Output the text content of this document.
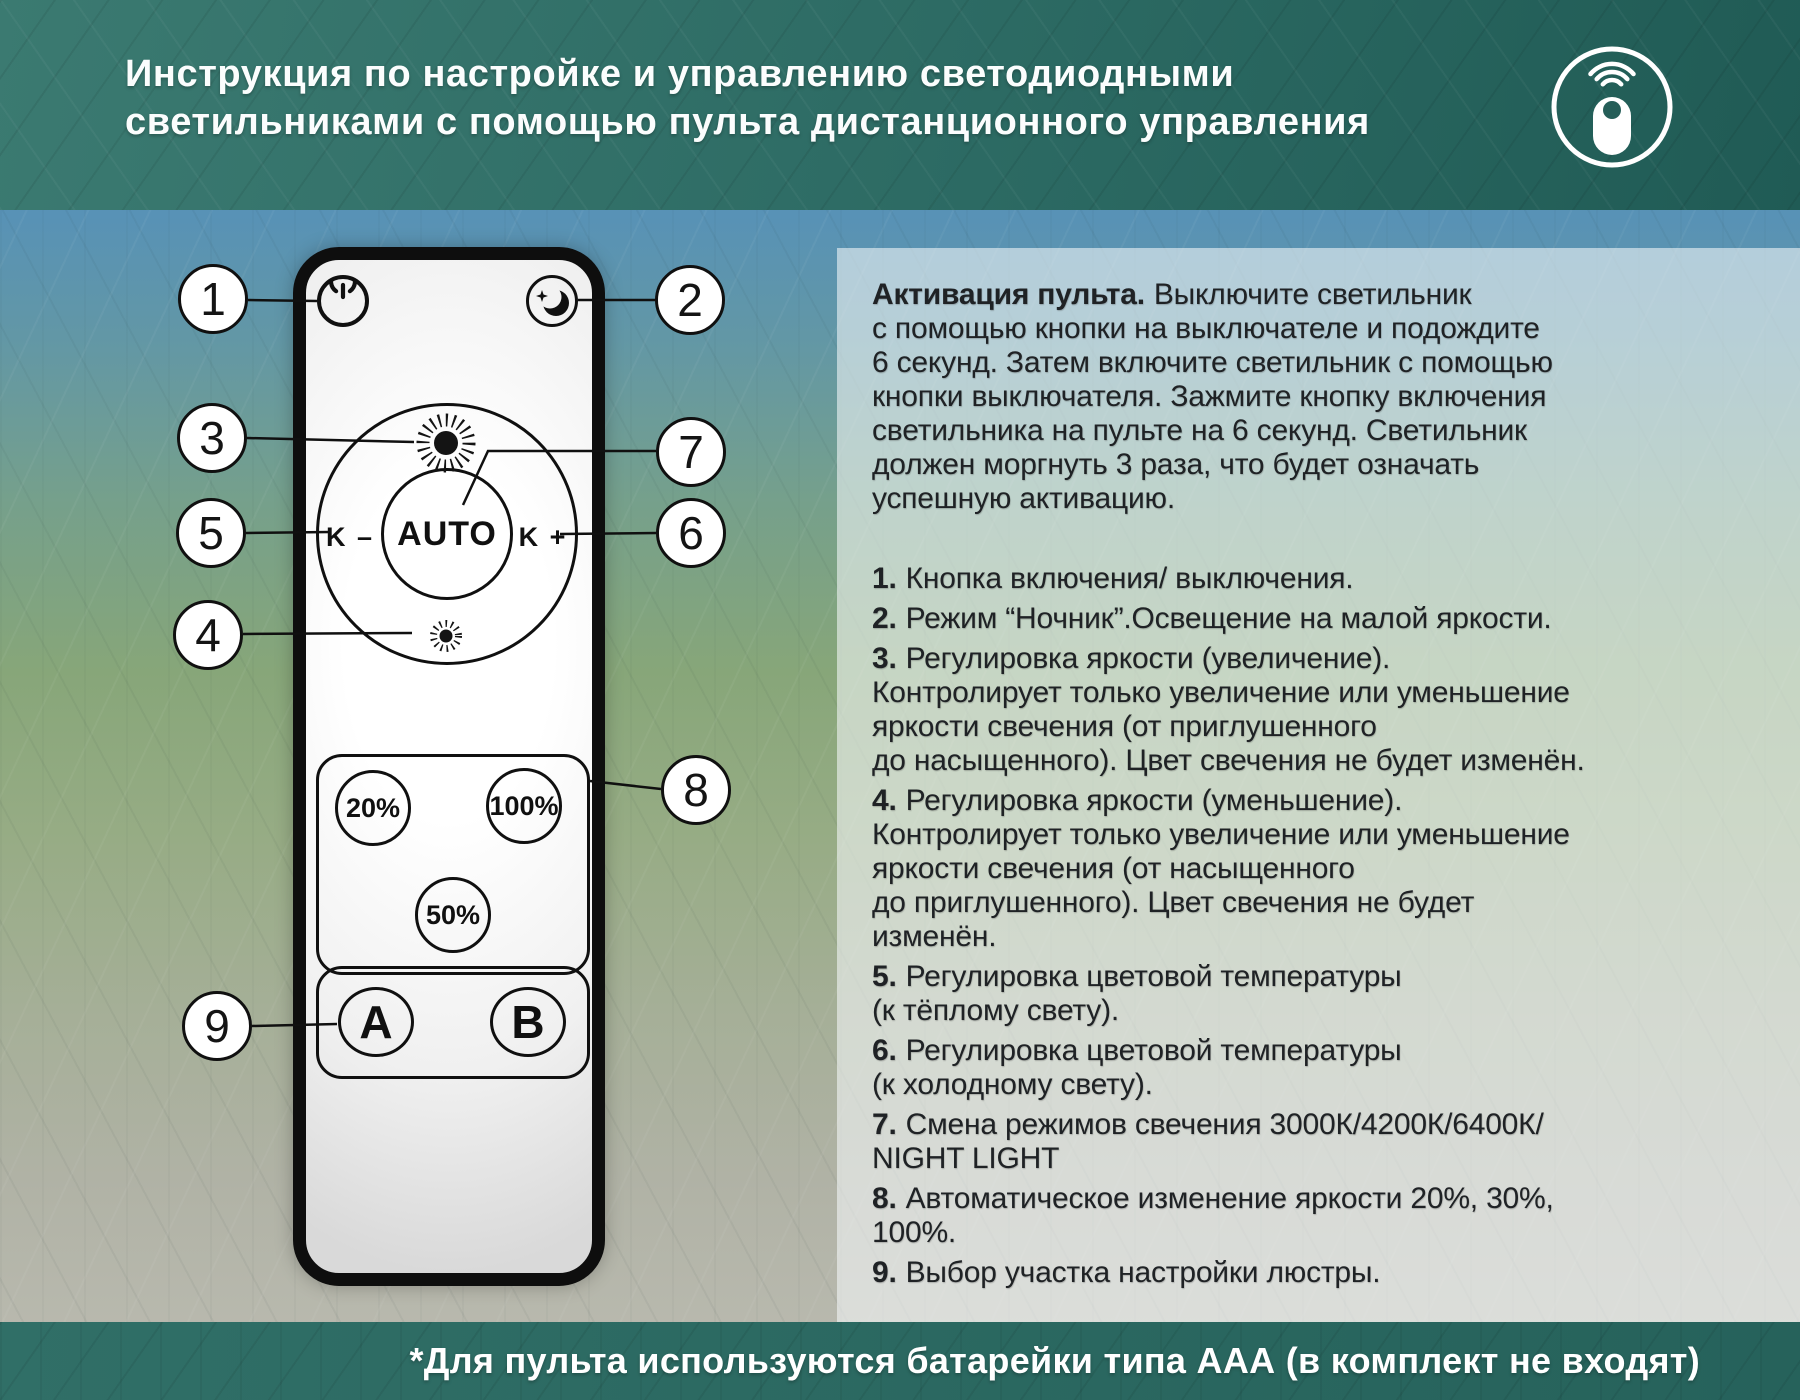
Инструкция по настройке и управлению светодиодными
светильниками с помощью пульта дистанционного управления
Активация пульта. Выключите светильник
с помощью кнопки на выключателе и подождите
6 секунд. Затем включите светильник с помощью
кнопки выключателя. Зажмите кнопку включения
светильника на пульте на 6 секунд. Светильник
должен моргнуть 3 раза, что будет означать
успешную активацию.
1. Кнопка включения/ выключения.
2. Режим “Ночник”.Освещение на малой яркости.
3. Регулировка яркости (увеличение).
Контролирует только увеличение или уменьшение
яркости свечения (от приглушенного
до насыщенного). Цвет свечения не будет изменён.
4. Регулировка яркости (уменьшение).
Контролирует только увеличение или уменьшение
яркости свечения (от насыщенного
до приглушенного). Цвет свечения не будет
изменён.
5. Регулировка цветовой температуры
(к тёплому свету).
6. Регулировка цветовой температуры
(к холодному свету).
7. Смена режимов свечения 3000К/4200К/6400К/
NIGHT LIGHT
8. Автоматическое изменение яркости 20%, 30%,
100%.
9. Выбор участка настройки люстры.
AUTO
K –	K +
20%	100%
50%
A	B
1	2
3
4
5	6
7
8
9
*Для пульта используются батарейки типа ААА (в комплект не входят)
